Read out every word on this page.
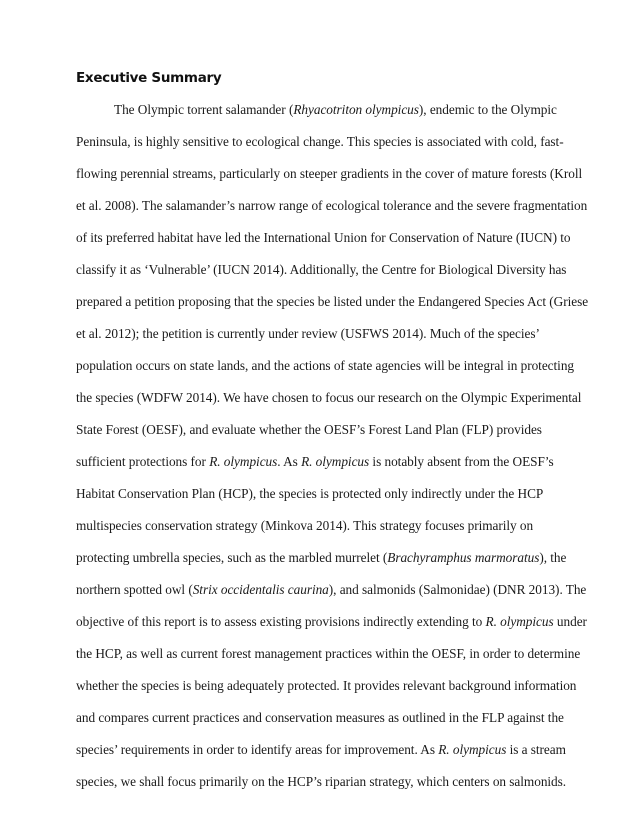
Executive Summary
The Olympic torrent salamander (Rhyacotriton olympicus), endemic to the Olympic
Peninsula, is highly sensitive to ecological change. This species is associated with cold, fast-
flowing perennial streams, particularly on steeper gradients in the cover of mature forests (Kroll
et al. 2008). The salamander’s narrow range of ecological tolerance and the severe fragmentation
of its preferred habitat have led the International Union for Conservation of Nature (IUCN) to
classify it as ‘Vulnerable’ (IUCN 2014). Additionally, the Centre for Biological Diversity has
prepared a petition proposing that the species be listed under the Endangered Species Act (Griese
et al. 2012); the petition is currently under review (USFWS 2014). Much of the species’
population occurs on state lands, and the actions of state agencies will be integral in protecting
the species (WDFW 2014). We have chosen to focus our research on the Olympic Experimental
State Forest (OESF), and evaluate whether the OESF’s Forest Land Plan (FLP) provides
sufficient protections for R. olympicus. As R. olympicus is notably absent from the OESF’s
Habitat Conservation Plan (HCP), the species is protected only indirectly under the HCP
multispecies conservation strategy (Minkova 2014). This strategy focuses primarily on
protecting umbrella species, such as the marbled murrelet (Brachyramphus marmoratus), the
northern spotted owl (Strix occidentalis caurina), and salmonids (Salmonidae) (DNR 2013). The
objective of this report is to assess existing provisions indirectly extending to R. olympicus under
the HCP, as well as current forest management practices within the OESF, in order to determine
whether the species is being adequately protected. It provides relevant background information
and compares current practices and conservation measures as outlined in the FLP against the
species’ requirements in order to identify areas for improvement. As R. olympicus is a stream
species, we shall focus primarily on the HCP’s riparian strategy, which centers on salmonids.
